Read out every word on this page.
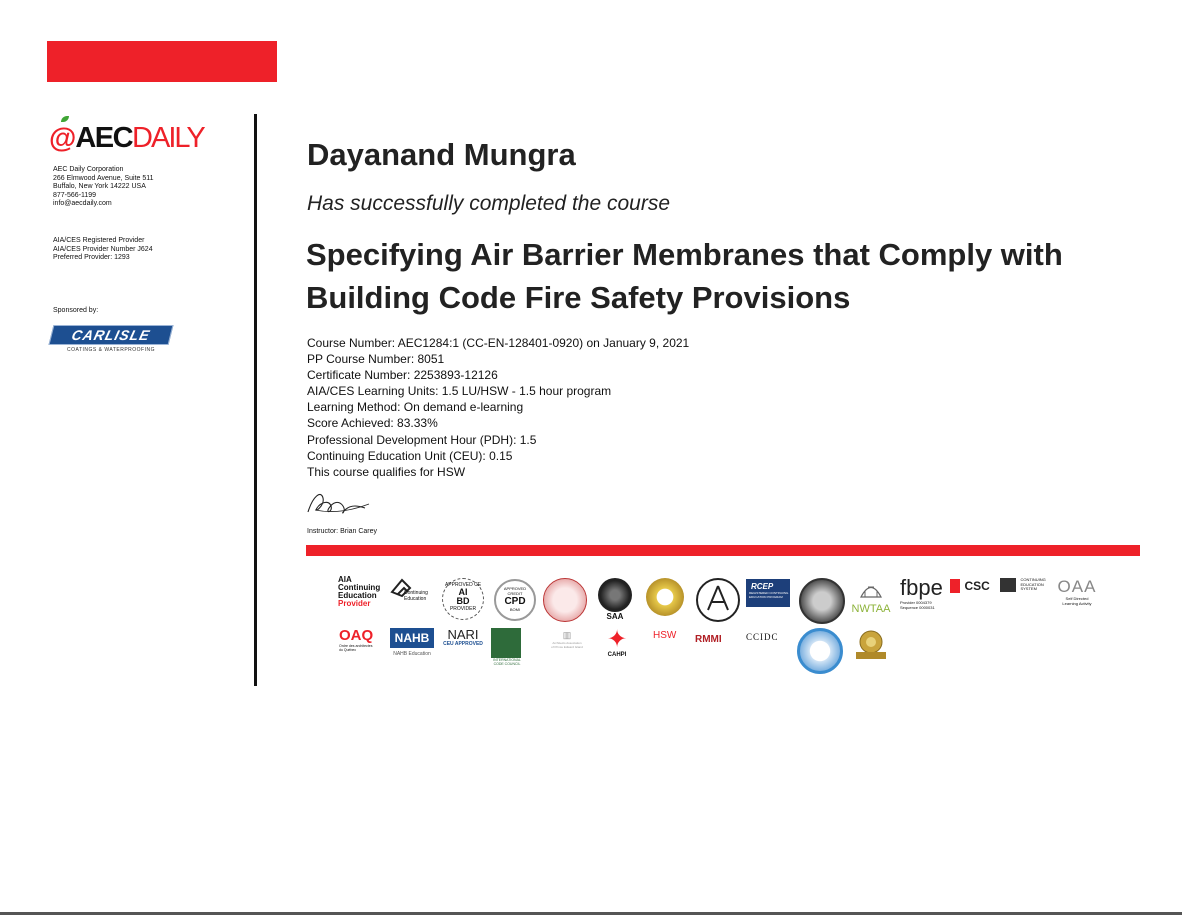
@AECDAILY
AEC Daily Corporation
266 Elmwood Avenue, Suite 511
Buffalo, New York 14222 USA
877-566-1199
info@aecdaily.com
AIA/CES Registered Provider
AIA/CES Provider Number J624
Preferred Provider: 1293
Sponsored by:
CARLISLE
COATINGS & WATERPROOFING
Dayanand Mungra
Has successfully completed the course
Specifying Air Barrier Membranes that Comply with Building Code Fire Safety Provisions
Course Number: AEC1284:1 (CC-EN-128401-0920) on January 9, 2021
PP Course Number: 8051
Certificate Number: 2253893-12126
AIA/CES Learning Units: 1.5 LU/HSW - 1.5 hour program
Learning Method: On demand e-learning
Score Achieved: 83.33%
Professional Development Hour (PDH): 1.5
Continuing Education Unit (CEU): 0.15
This course qualifies for HSW
Instructor: Brian Carey
AIA
Continuing
Education
Provider
Continuing
Education
APPROVED CE
AI
BD
PROVIDER
APPROVED CREDIT
CPD
BOMI
SAA
RCEP
REGISTERED CONTINUING EDUCATION PROGRAM
NWTAA
fbpe
Provider 0004379
Sequence 0000031
CSC
	CONTINUING
EDUCATION
SYSTEM	OAA
Self Directed
Learning Activity
OAQ
Ordre des architectes
du Québec
NAHB
NAHB Education
NARI
CEU APPROVED
INTERNATIONAL
CODE COUNCIL
▥
Architects Association
of Prince Edward Island	✦
CAHPI
HSW RMMI	CCIDC
